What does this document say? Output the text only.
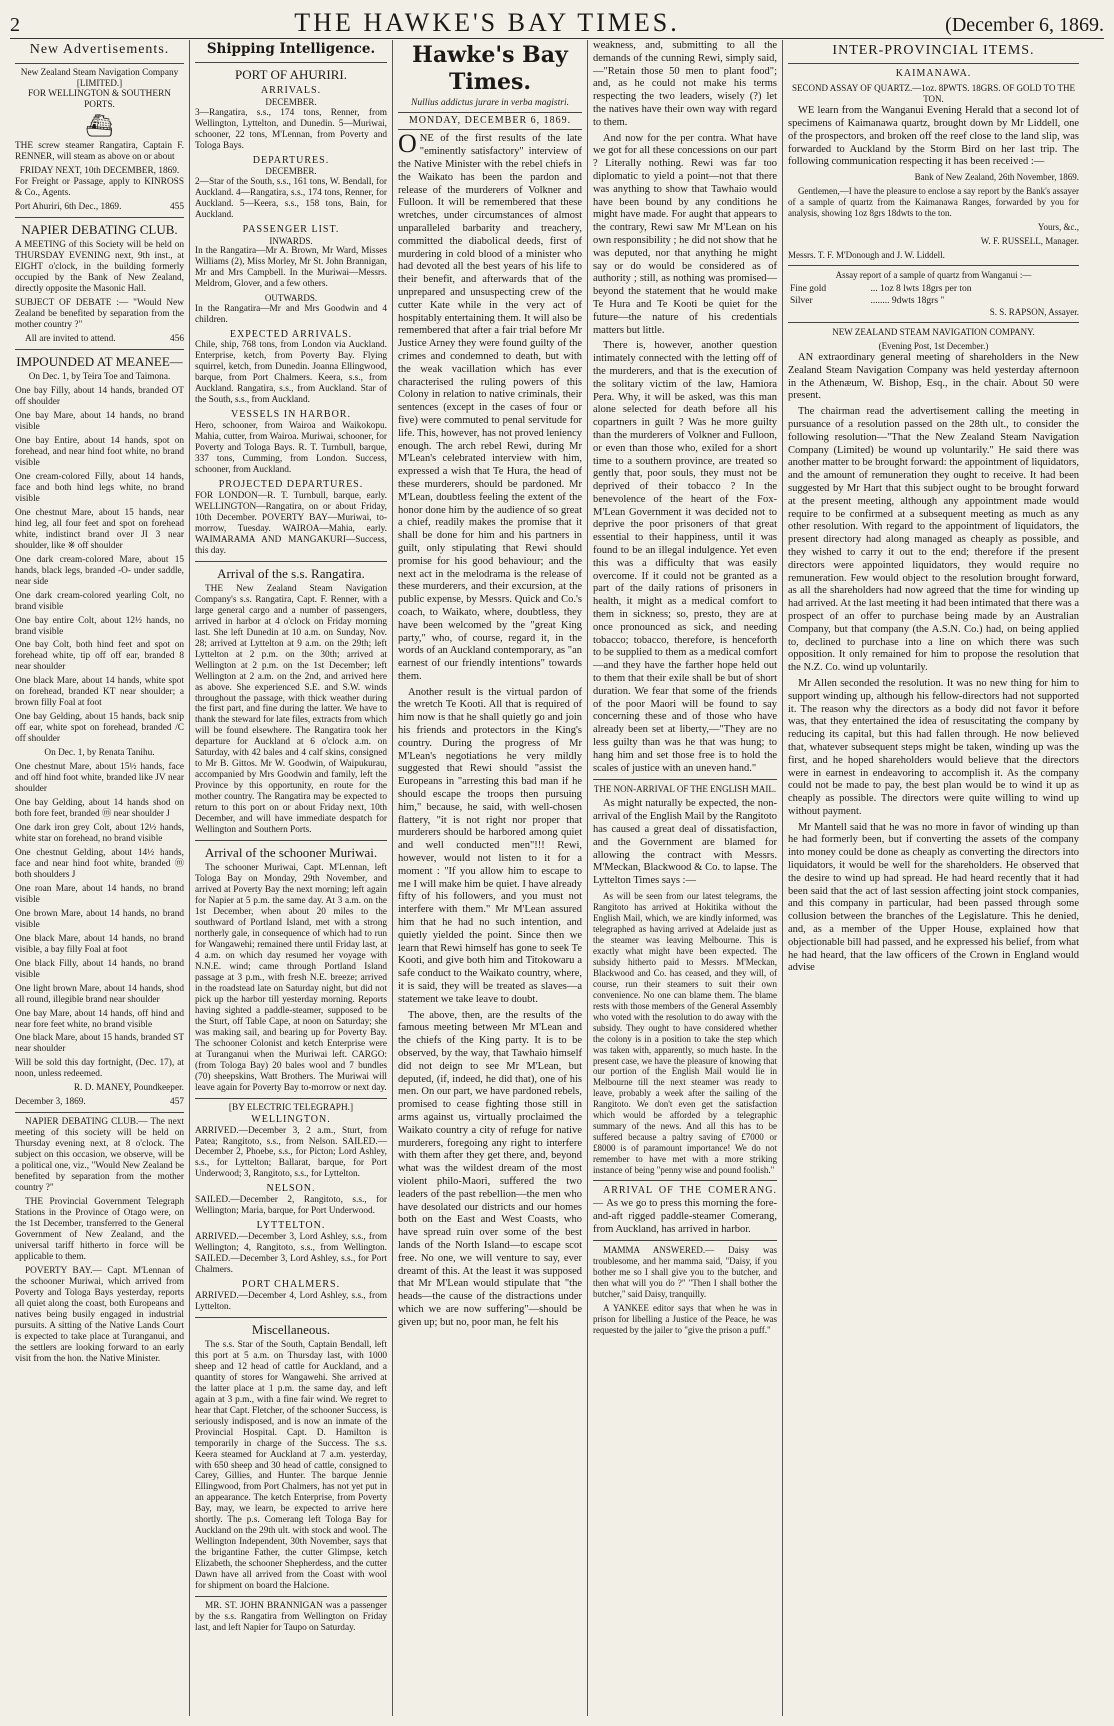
2	THE HAWKE'S BAY TIMES.	(December 6, 1869.
New Advertisements.
New Zealand Steam Navigation Company
[LIMITED.]
FOR WELLINGTON & SOUTHERN PORTS.
⛴

THE screw steamer Rangatira, Captain F. RENNER, will steam as above on or about

FRIDAY NEXT, 10th DECEMBER, 1869.

For Freight or Passage, apply to KINROSS & Co., Agents.

Port Ahuriri, 6th Dec., 1869.	455
NAPIER DEBATING CLUB.

A MEETING of this Society will be held on THURSDAY EVENING next, 9th inst., at EIGHT o'clock, in the building formerly occupied by the Bank of New Zealand, directly opposite the Masonic Hall.

SUBJECT OF DEBATE :— "Would New Zealand be benefited by separation from the mother country ?"

All are invited to attend.	456
IMPOUNDED AT MEANEE—

On Dec. 1, by Teira Toe and Taimona.

One bay Filly, about 14 hands, branded OT off shoulder

One bay Mare, about 14 hands, no brand visible

One bay Entire, about 14 hands, spot on forehead, and near hind foot white, no brand visible

One cream-colored Filly, about 14 hands, face and both hind legs white, no brand visible

One chestnut Mare, about 15 hands, near hind leg, all four feet and spot on forehead white, indistinct brand over JI 3 near shoulder, like ※ off shoulder

One dark cream-colored Mare, about 15 hands, black legs, branded -O- under saddle, near side

One dark cream-colored yearling Colt, no brand visible

One bay entire Colt, about 12½ hands, no brand visible

One bay Colt, both hind feet and spot on forehead white, tip off off ear, branded 8 near shoulder

One black Mare, about 14 hands, white spot on forehead, branded KT near shoulder; a brown filly Foal at foot

One bay Gelding, about 15 hands, back snip off ear, white spot on forehead, branded /C off shoulder

On Dec. 1, by Renata Tanihu.

One chestnut Mare, about 15½ hands, face and off hind foot white, branded like JV near shoulder

One bay Gelding, about 14 hands shod on both fore feet, branded ⓜ near shoulder J

One dark iron grey Colt, about 12½ hands, white star on forehead, no brand visible

One chestnut Gelding, about 14½ hands, face and near hind foot white, branded ⓜ both shoulders J

One roan Mare, about 14 hands, no brand visible

One brown Mare, about 14 hands, no brand visible

One black Mare, about 14 hands, no brand visible, a bay filly Foal at foot

One black Filly, about 14 hands, no brand visible

One light brown Mare, about 14 hands, shod all round, illegible brand near shoulder

One bay Mare, about 14 hands, off hind and near fore feet white, no brand visible

One black Mare, about 15 hands, branded ST near shoulder

Will be sold this day fortnight, (Dec. 17), at noon, unless redeemed.

R. D. MANEY, Poundkeeper.

December 3, 1869.	457

NAPIER DEBATING CLUB.— The next meeting of this society will be held on Thursday evening next, at 8 o'clock. The subject on this occasion, we observe, will be a political one, viz., "Would New Zealand be benefited by separation from the mother country ?"

THE Provincial Government Telegraph Stations in the Province of Otago were, on the 1st December, transferred to the General Government of New Zealand, and the universal tariff hitherto in force will be applicable to them.

POVERTY BAY.— Capt. M'Lennan of the schooner Muriwai, which arrived from Poverty and Tologa Bays yesterday, reports all quiet along the coast, both Europeans and natives being busily engaged in industrial pursuits. A sitting of the Native Lands Court is expected to take place at Turanganui, and the settlers are looking forward to an early visit from the hon. the Native Minister.

Shipping Intelligence.
PORT OF AHURIRI.
ARRIVALS.
DECEMBER.

3—Rangatira, s.s., 174 tons, Renner, from Wellington, Lyttelton, and Dunedin. 5—Muriwai, schooner, 22 tons, M'Lennan, from Poverty and Tologa Bays.

DEPARTURES.
DECEMBER.

2—Star of the South, s.s., 161 tons, W. Bendall, for Auckland. 4—Rangatira, s.s., 174 tons, Renner, for Auckland. 5—Keera, s.s., 158 tons, Bain, for Auckland.

PASSENGER LIST.
INWARDS.

In the Rangatira—Mr A. Brown, Mr Ward, Misses Williams (2), Miss Morley, Mr St. John Brannigan, Mr and Mrs Campbell. In the Muriwai—Messrs. Meldrom, Glover, and a few others.

OUTWARDS.

In the Rangatira—Mr and Mrs Goodwin and 4 children.

EXPECTED ARRIVALS.

Chile, ship, 768 tons, from London via Auckland. Enterprise, ketch, from Poverty Bay. Flying squirrel, ketch, from Dunedin. Joanna Ellingwood, barque, from Port Chalmers. Keera, s.s., from Auckland. Rangatira, s.s., from Auckland. Star of the South, s.s., from Auckland.

VESSELS IN HARBOR.

Hero, schooner, from Wairoa and Waikokopu. Mahia, cutter, from Wairoa. Muriwai, schooner, for Poverty and Tologa Bays. R. T. Turnbull, barque, 337 tons, Cumming, from London. Success, schooner, from Auckland.

PROJECTED DEPARTURES.

FOR LONDON—R. T. Turnbull, barque, early. WELLINGTON—Rangatira, on or about Friday, 10th December. POVERTY BAY—Muriwai, to-morrow, Tuesday. WAIROA—Mahia, early. WAIMARAMA AND MANGAKURI—Success, this day.

Arrival of the s.s. Rangatira.

THE New Zealand Steam Navigation Company's s.s. Rangatira, Capt. F. Renner, with a large general cargo and a number of passengers, arrived in harbor at 4 o'clock on Friday morning last. She left Dunedin at 10 a.m. on Sunday, Nov. 28; arrived at Lyttelton at 9 a.m. on the 29th; left Lyttelton at 2 p.m. on the 30th; arrived at Wellington at 2 p.m. on the 1st December; left Wellington at 2 a.m. on the 2nd, and arrived here as above. She experienced S.E. and S.W. winds throughout the passage, with thick weather during the first part, and fine during the latter. We have to thank the steward for late files, extracts from which will be found elsewhere. The Rangatira took her departure for Auckland at 6 o'clock a.m. on Saturday, with 42 bales and 4 calf skins, consigned to Mr B. Gittos. Mr W. Goodwin, of Waipukurau, accompanied by Mrs Goodwin and family, left the Province by this opportunity, en route for the mother country. The Rangatira may be expected to return to this port on or about Friday next, 10th December, and will have immediate despatch for Wellington and Southern Ports.

Arrival of the schooner Muriwai.

The schooner Muriwai, Capt. M'Lennan, left Tologa Bay on Monday, 29th November, and arrived at Poverty Bay the next morning; left again for Napier at 5 p.m. the same day. At 3 a.m. on the 1st December, when about 20 miles to the southward of Portland Island, met with a strong northerly gale, in consequence of which had to run for Wangawehi; remained there until Friday last, at 4 a.m. on which day resumed her voyage with N.N.E. wind; came through Portland Island passage at 3 p.m., with fresh N.E. breeze; arrived in the roadstead late on Saturday night, but did not pick up the harbor till yesterday morning. Reports having sighted a paddle-steamer, supposed to be the Sturt, off Table Cape, at noon on Saturday; she was making sail, and bearing up for Poverty Bay. The schooner Colonist and ketch Enterprise were at Turanganui when the Muriwai left. CARGO: (from Tologa Bay) 20 bales wool and 7 bundles (70) sheepskins, Watt Brothers. The Muriwai will leave again for Poverty Bay to-morrow or next day.

[BY ELECTRIC TELEGRAPH.]
WELLINGTON.

ARRIVED.—December 3, 2 a.m., Sturt, from Patea; Rangitoto, s.s., from Nelson. SAILED.—December 2, Phoebe, s.s., for Picton; Lord Ashley, s.s., for Lyttelton; Ballarat, barque, for Port Underwood; 3, Rangitoto, s.s., for Lyttelton.

NELSON.

SAILED.—December 2, Rangitoto, s.s., for Wellington; Maria, barque, for Port Underwood.

LYTTELTON.

ARRIVED.—December 3, Lord Ashley, s.s., from Wellington; 4, Rangitoto, s.s., from Wellington. SAILED.—December 3, Lord Ashley, s.s., for Port Chalmers.

PORT CHALMERS.

ARRIVED.—December 4, Lord Ashley, s.s., from Lyttelton.

Miscellaneous.

The s.s. Star of the South, Captain Bendall, left this port at 5 a.m. on Thursday last, with 1000 sheep and 12 head of cattle for Auckland, and a quantity of stores for Wangawehi. She arrived at the latter place at 1 p.m. the same day, and left again at 3 p.m., with a fine fair wind. We regret to hear that Capt. Fletcher, of the schooner Success, is seriously indisposed, and is now an inmate of the Provincial Hospital. Capt. D. Hamilton is temporarily in charge of the Success. The s.s. Keera steamed for Auckland at 7 a.m. yesterday, with 650 sheep and 30 head of cattle, consigned to Carey, Gillies, and Hunter. The barque Jennie Ellingwood, from Port Chalmers, has not yet put in an appearance. The ketch Enterprise, from Poverty Bay, may, we learn, be expected to arrive here shortly. The p.s. Comerang left Tologa Bay for Auckland on the 29th ult. with stock and wool. The Wellington Independent, 30th November, says that the brigantine Father, the cutter Glimpse, ketch Elizabeth, the schooner Shepherdess, and the cutter Dawn have all arrived from the Coast with wool for shipment on board the Halcione.

MR. ST. JOHN BRANNIGAN was a passenger by the s.s. Rangatira from Wellington on Friday last, and left Napier for Taupo on Saturday.

Hawke's Bay Times.
Nullius addictus jurare in verba magistri.
MONDAY, DECEMBER 6, 1869.

ONE of the first results of the late "eminently satisfactory" interview of the Native Minister with the rebel chiefs in the Waikato has been the pardon and release of the murderers of Volkner and Fulloon. It will be remembered that these wretches, under circumstances of almost unparalleled barbarity and treachery, committed the diabolical deeds, first of murdering in cold blood of a minister who had devoted all the best years of his life to their benefit, and afterwards that of the unprepared and unsuspecting crew of the cutter Kate while in the very act of hospitably entertaining them. It will also be remembered that after a fair trial before Mr Justice Arney they were found guilty of the crimes and condemned to death, but with the weak vacillation which has ever characterised the ruling powers of this Colony in relation to native criminals, their sentences (except in the cases of four or five) were commuted to penal servitude for life. This, however, has not proved leniency enough. The arch rebel Rewi, during Mr M'Lean's celebrated interview with him, expressed a wish that Te Hura, the head of these murderers, should be pardoned. Mr M'Lean, doubtless feeling the extent of the honor done him by the audience of so great a chief, readily makes the promise that it shall be done for him and his partners in guilt, only stipulating that Rewi should promise for his good behaviour; and the next act in the melodrama is the release of these murderers, and their excursion, at the public expense, by Messrs. Quick and Co.'s coach, to Waikato, where, doubtless, they have been welcomed by the "great King party," who, of course, regard it, in the words of an Auckland contemporary, as "an earnest of our friendly intentions" towards them.

Another result is the virtual pardon of the wretch Te Kooti. All that is required of him now is that he shall quietly go and join his friends and protectors in the King's country. During the progress of Mr M'Lean's negotiations he very mildly suggested that Rewi should "assist the Europeans in "arresting this bad man if he should escape the troops then pursuing him," because, he said, with well-chosen flattery, "it is not right nor proper that murderers should be harbored among quiet and well conducted men"!!! Rewi, however, would not listen to it for a moment : "If you allow him to escape to me I will make him be quiet. I have already fifty of his followers, and you must not interfere with them." Mr M'Lean assured him that he had no such intention, and quietly yielded the point. Since then we learn that Rewi himself has gone to seek Te Kooti, and give both him and Titokowaru a safe conduct to the Waikato country, where, it is said, they will be treated as slaves—a statement we take leave to doubt.

The above, then, are the results of the famous meeting between Mr M'Lean and the chiefs of the King party. It is to be observed, by the way, that Tawhaio himself did not deign to see Mr M'Lean, but deputed, (if, indeed, he did that), one of his men. On our part, we have pardoned rebels, promised to cease fighting those still in arms against us, virtually proclaimed the Waikato country a city of refuge for native murderers, foregoing any right to interfere with them after they get there, and, beyond what was the wildest dream of the most violent philo-Maori, suffered the two leaders of the past rebellion—the men who have desolated our districts and our homes both on the East and West Coasts, who have spread ruin over some of the best lands of the North Island—to escape scot free. No one, we will venture to say, ever dreamt of this. At the least it was supposed that Mr M'Lean would stipulate that "the heads—the cause of the distractions under which we are now suffering"—should be given up; but no, poor man, he felt his

weakness, and, submitting to all the demands of the cunning Rewi, simply said,—"Retain those 50 men to plant food"; and, as he could not make his terms respecting the two leaders, wisely (?) let the natives have their own way with regard to them.

And now for the per contra. What have we got for all these concessions on our part ? Literally nothing. Rewi was far too diplomatic to yield a point—not that there was anything to show that Tawhaio would have been bound by any conditions he might have made. For aught that appears to the contrary, Rewi saw Mr M'Lean on his own responsibility ; he did not show that he was deputed, nor that anything he might say or do would be considered as of authority ; still, as nothing was promised—beyond the statement that he would make Te Hura and Te Kooti be quiet for the future—the nature of his credentials matters but little.

There is, however, another question intimately connected with the letting off of the murderers, and that is the execution of the solitary victim of the law, Hamiora Pera. Why, it will be asked, was this man alone selected for death before all his copartners in guilt ? Was he more guilty than the murderers of Volkner and Fulloon, or even than those who, exiled for a short time to a southern province, are treated so gently that, poor souls, they must not be deprived of their tobacco ? In the benevolence of the heart of the Fox-M'Lean Government it was decided not to deprive the poor prisoners of that great essential to their happiness, until it was found to be an illegal indulgence. Yet even this was a difficulty that was easily overcome. If it could not be granted as a part of the daily rations of prisoners in health, it might as a medical comfort to them in sickness; so, presto, they are at once pronounced as sick, and needing tobacco; tobacco, therefore, is henceforth to be supplied to them as a medical comfort—and they have the farther hope held out to them that their exile shall be but of short duration. We fear that some of the friends of the poor Maori will be found to say concerning these and of those who have already been set at liberty,—"They are no less guilty than was he that was hung; to hang him and set those free is to hold the scales of justice with an uneven hand."

THE NON-ARRIVAL OF THE ENGLISH MAIL.

As might naturally be expected, the non-arrival of the English Mail by the Rangitoto has caused a great deal of dissatisfaction, and the Government are blamed for allowing the contract with Messrs. M'Meckan, Blackwood & Co. to lapse. The Lyttelton Times says :—

As will be seen from our latest telegrams, the Rangitoto has arrived at Hokitika without the English Mail, which, we are kindly informed, was telegraphed as having arrived at Adelaide just as the steamer was leaving Melbourne. This is exactly what might have been expected. The subsidy hitherto paid to Messrs. M'Meckan, Blackwood and Co. has ceased, and they will, of course, run their steamers to suit their own convenience. No one can blame them. The blame rests with those members of the General Assembly who voted with the resolution to do away with the subsidy. They ought to have considered whether the colony is in a position to take the step which was taken with, apparently, so much haste. In the present case, we have the pleasure of knowing that our portion of the English Mail would lie in Melbourne till the next steamer was ready to leave, probably a week after the sailing of the Rangitoto. We don't even get the satisfaction which would be afforded by a telegraphic summary of the news. And all this has to be suffered because a paltry saving of £7000 or £8000 is of paramount importance! We do not remember to have met with a more striking instance of being "penny wise and pound foolish."

ARRIVAL OF THE COMERANG.— As we go to press this morning the fore-and-aft rigged paddle-steamer Comerang, from Auckland, has arrived in harbor.

MAMMA ANSWERED.— Daisy was troublesome, and her mamma said, "Daisy, if you bother me so I shall give you to the butcher, and then what will you do ?" "Then I shall bother the butcher," said Daisy, tranquilly.

A YANKEE editor says that when he was in prison for libelling a Justice of the Peace, he was requested by the jailer to "give the prison a puff."

INTER-PROVINCIAL ITEMS.
KAIMANAWA.
SECOND ASSAY OF QUARTZ.—1oz. 8PWTS. 18GRS. OF GOLD TO THE TON.

WE learn from the Wanganui Evening Herald that a second lot of specimens of Kaimanawa quartz, brought down by Mr Liddell, one of the prospectors, and broken off the reef close to the land slip, was forwarded to Auckland by the Storm Bird on her last trip. The following communication respecting it has been received :—

Bank of New Zealand, 26th November, 1869.

Gentlemen,—I have the pleasure to enclose a say report by the Bank's assayer of a sample of quartz from the Kaimanawa Ranges, forwarded by you for analysis, showing 1oz 8grs 18dwts to the ton.

Yours, &c.,

W. F. RUSSELL, Manager.

Messrs. T. F. M'Donough and J. W. Liddell.

Assay report of a sample of quartz from Wanganui :—

Fine gold	... 1oz 8 lwts 18grs per ton
Silver	........ 9dwts 18grs "

S. S. RAPSON, Assayer.

NEW ZEALAND STEAM NAVIGATION COMPANY.
(Evening Post, 1st December.)

AN extraordinary general meeting of shareholders in the New Zealand Steam Navigation Company was held yesterday afternoon in the Athenæum, W. Bishop, Esq., in the chair. About 50 were present.

The chairman read the advertisement calling the meeting in pursuance of a resolution passed on the 28th ult., to consider the following resolution—"That the New Zealand Steam Navigation Company (Limited) be wound up voluntarily." He said there was another matter to be brought forward: the appointment of liquidators, and the amount of remuneration they ought to receive. It had been suggested by Mr Hart that this subject ought to be brought forward at the present meeting, although any appointment made would require to be confirmed at a subsequent meeting as much as any other resolution. With regard to the appointment of liquidators, the present directory had along managed as cheaply as possible, and they wished to carry it out to the end; therefore if the present directors were appointed liquidators, they would require no remuneration. Few would object to the resolution brought forward, as all the shareholders had now agreed that the time for winding up had arrived. At the last meeting it had been intimated that there was a prospect of an offer to purchase being made by an Australian Company, but that company (the A.S.N. Co.) had, on being applied to, declined to purchase into a line on which there was such opposition. It only remained for him to propose the resolution that the N.Z. Co. wind up voluntarily.

Mr Allen seconded the resolution. It was no new thing for him to support winding up, although his fellow-directors had not supported it. The reason why the directors as a body did not favor it before was, that they entertained the idea of resuscitating the company by reducing its capital, but this had fallen through. He now believed that, whatever subsequent steps might be taken, winding up was the first, and he hoped shareholders would believe that the directors were in earnest in endeavoring to accomplish it. As the company could not be made to pay, the best plan would be to wind it up as cheaply as possible. The directors were quite willing to wind up without payment.

Mr Mantell said that he was no more in favor of winding up than he had formerly been, but if converting the assets of the company into money could be done as cheaply as converting the directors into liquidators, it would be well for the shareholders. He observed that the desire to wind up had spread. He had heard recently that it had been said that the act of last session affecting joint stock companies, and this company in particular, had been passed through some collusion between the branches of the Legislature. This he denied, and, as a member of the Upper House, explained how that objectionable bill had passed, and he expressed his belief, from what he had heard, that the law officers of the Crown in England would advise
